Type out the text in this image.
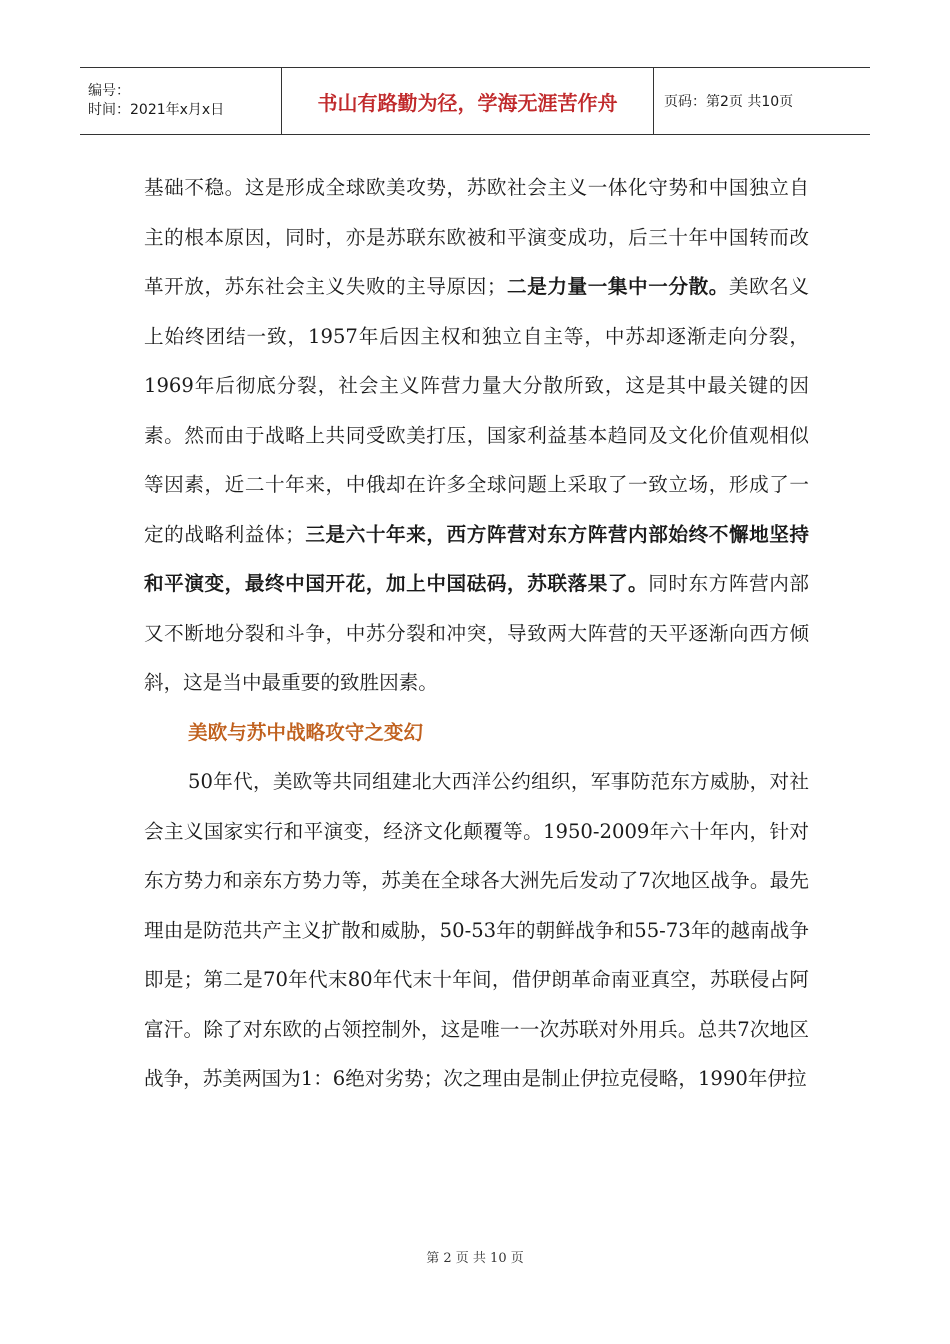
编号：
时间：2021年x月x日	书山有路勤为径，学海无涯苦作舟	页码：第2页 共10页

基础不稳。这是形成全球欧美攻势，苏欧社会主义一体化守势和中国独立自主的根本原因，同时，亦是苏联东欧被和平演变成功，后三十年中国转而改革开放，苏东社会主义失败的主导原因；二是力量一集中一分散。美欧名义上始终团结一致，1957年后因主权和独立自主等，中苏却逐渐走向分裂，1969年后彻底分裂，社会主义阵营力量大分散所致，这是其中最关键的因素。然而由于战略上共同受欧美打压，国家利益基本趋同及文化价值观相似等因素，近二十年来，中俄却在许多全球问题上采取了一致立场，形成了一定的战略利益体；三是六十年来，西方阵营对东方阵营内部始终不懈地坚持和平演变，最终中国开花，加上中国砝码，苏联落果了。同时东方阵营内部又不断地分裂和斗争，中苏分裂和冲突，导致两大阵营的天平逐渐向西方倾斜，这是当中最重要的致胜因素。

美欧与苏中战略攻守之变幻

50年代，美欧等共同组建北大西洋公约组织，军事防范东方威胁，对社会主义国家实行和平演变，经济文化颠覆等。1950-2009年六十年内，针对东方势力和亲东方势力等，苏美在全球各大洲先后发动了7次地区战争。最先理由是防范共产主义扩散和威胁，50-53年的朝鲜战争和55-73年的越南战争即是；第二是70年代末80年代末十年间，借伊朗革命南亚真空，苏联侵占阿富汗。除了对东欧的占领控制外，这是唯一一次苏联对外用兵。总共7次地区战争，苏美两国为1：6绝对劣势；次之理由是制止伊拉克侵略，1990年伊拉

第 2 页 共 10 页
